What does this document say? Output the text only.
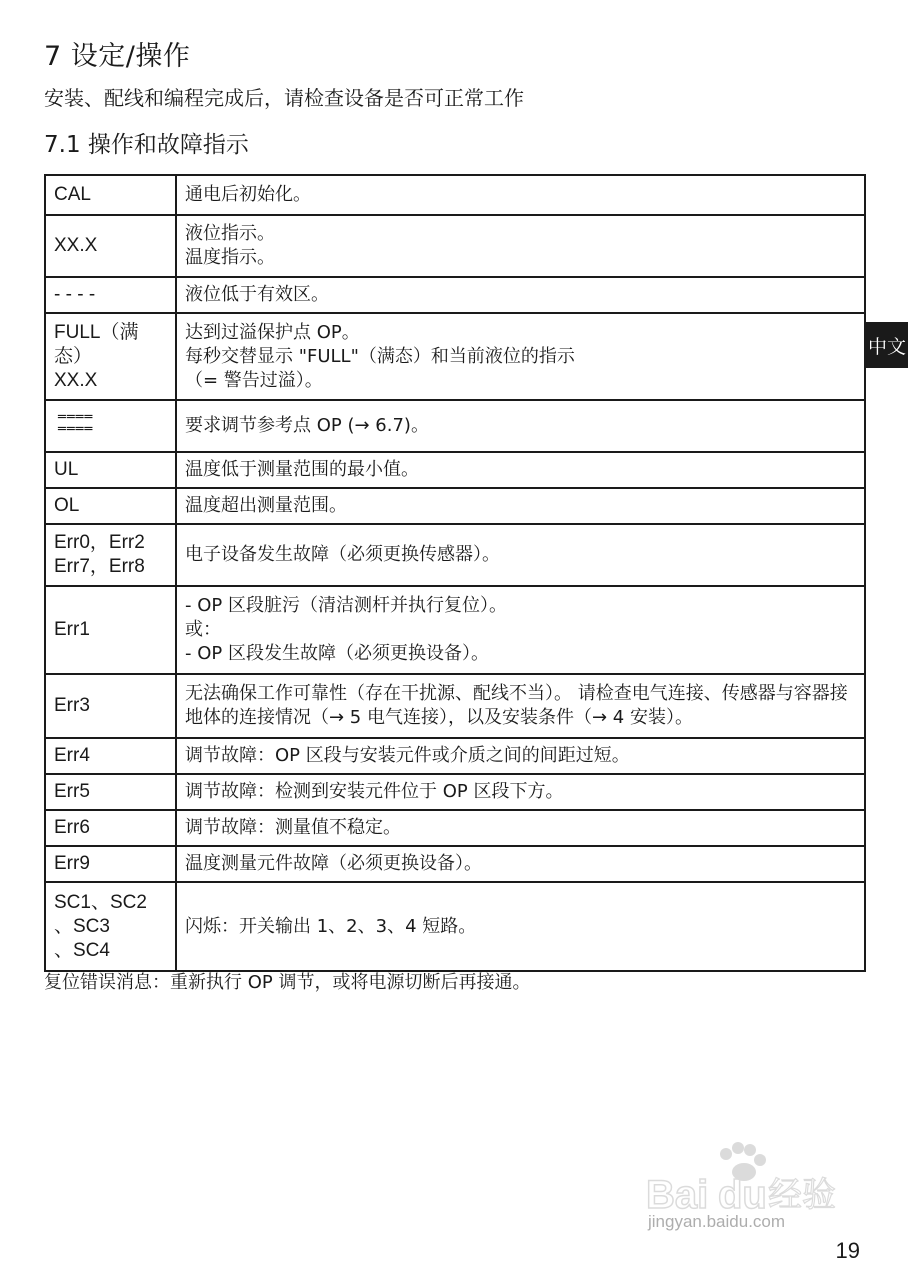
7 设定/操作
安装、配线和编程完成后，请检查设备是否可正常工作
7.1 操作和故障指示
CAL	通电后初始化。
XX.X	液位指示。
温度指示。
- - - -	液位低于有效区。
FULL（满
态）
XX.X	达到过溢保护点 OP。
每秒交替显示 "FULL"（满态）和当前液位的指示
（= 警告过溢）。
════
════	要求调节参考点 OP (→ 6.7)。
UL	温度低于测量范围的最小值。
OL	温度超出测量范围。
Err0，Err2
Err7，Err8	电子设备发生故障（必须更换传感器）。
Err1	- OP 区段脏污（清洁测杆并执行复位）。
或：
- OP 区段发生故障（必须更换设备）。
Err3	无法确保工作可靠性（存在干扰源、配线不当）。 请检查电气连接、传感器与容器接地体的连接情况（→ 5 电气连接），以及安装条件（→ 4 安装）。
Err4	调节故障：OP 区段与安装元件或介质之间的间距过短。
Err5	调节故障：检测到安装元件位于 OP 区段下方。
Err6	调节故障：测量值不稳定。
Err9	温度测量元件故障（必须更换设备）。
SC1、SC2
、SC3
、SC4	闪烁：开关输出 1、2、3、4 短路。
复位错误消息：重新执行 OP 调节，或将电源切断后再接通。
中文
Bai du 经验
jingyan.baidu.com
19
